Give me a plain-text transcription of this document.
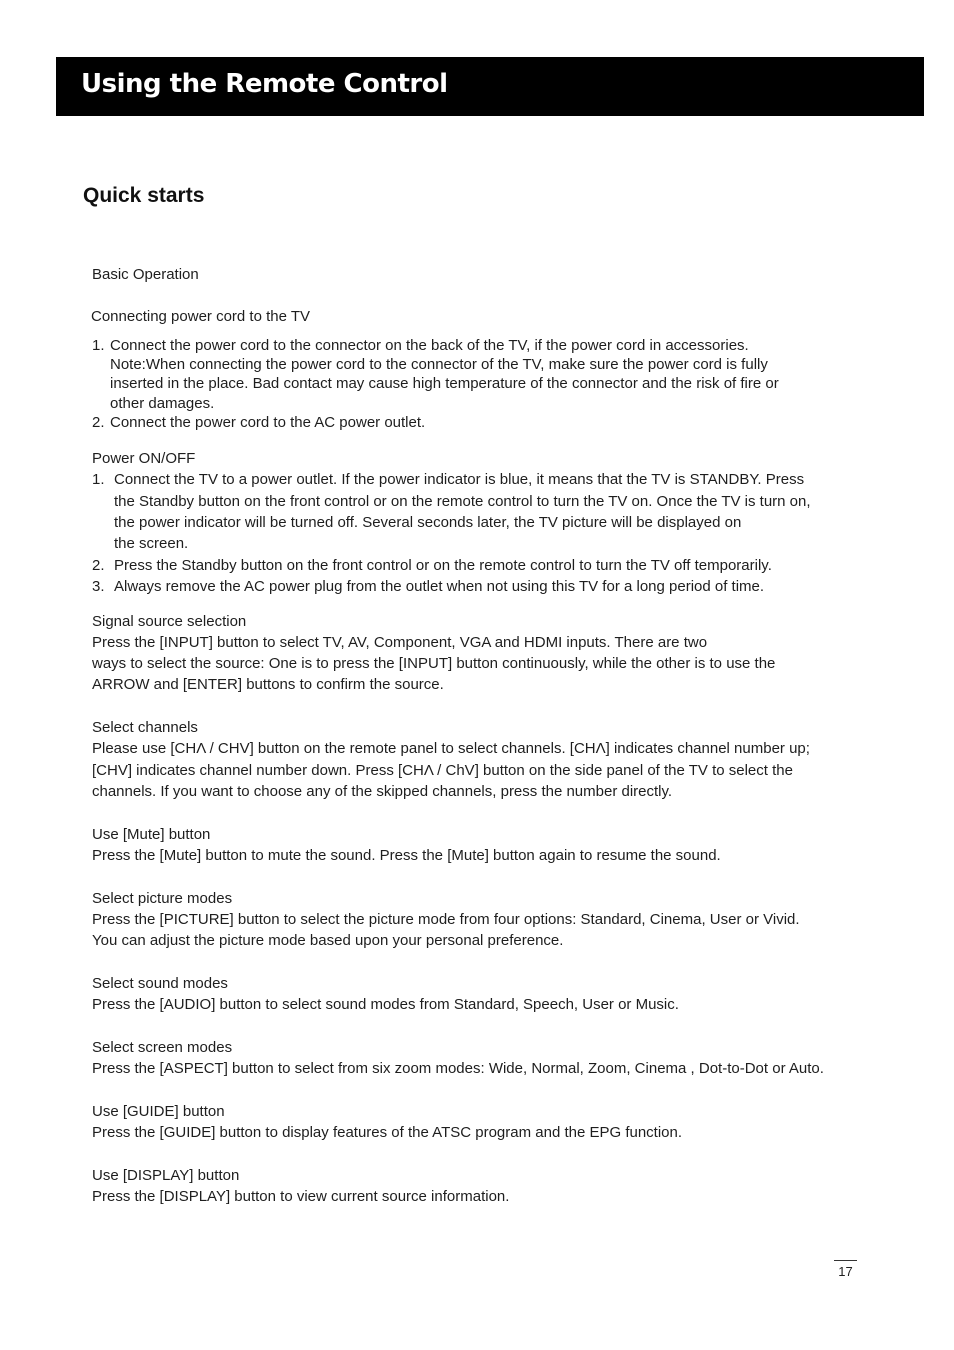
Using the Remote Control
Quick starts

Basic Operation

Connecting power cord to the TV

1. Connect the power cord to the connector on the back of the TV, if the power cord in accessories.

Note:When connecting the power cord to the connector of the TV, make sure the power cord is fully

inserted in the place. Bad contact may cause high temperature of the connector and the risk of fire or

other damages.

2. Connect the power cord to the AC power outlet.

Power ON/OFF

1. Connect the TV to a power outlet. If the power indicator is blue, it means that the TV is STANDBY. Press

the Standby button on the front control or on the remote control to turn the TV on. Once the TV is turn on,

the power indicator will be turned off. Several seconds later, the TV picture will be displayed on

the screen.

2. Press the Standby button on the front control or on the remote control to turn the TV off temporarily.

3. Always remove the AC power plug from the outlet when not using this TV for a long period of time.

Signal source selection

Press the [INPUT] button to select TV, AV, Component, VGA and HDMI inputs. There are two

ways to select the source: One is to press the [INPUT] button continuously, while the other is to use the

ARROW and [ENTER] buttons to confirm the source.

Select channels

Please use [CHΛ / CHV] button on the remote panel to select channels. [CHΛ] indicates channel number up;

[CHV] indicates channel number down. Press [CHΛ / ChV] button on the side panel of the TV to select the

channels. If you want to choose any of the skipped channels, press the number directly.

Use [Mute] button

Press the [Mute] button to mute the sound. Press the [Mute] button again to resume the sound.

Select picture modes

Press the [PICTURE] button to select the picture mode from four options: Standard, Cinema, User or Vivid.

You can adjust the picture mode based upon your personal preference.

Select sound modes

Press the [AUDIO] button to select sound modes from Standard, Speech, User or Music.

Select screen modes

Press the [ASPECT] button to select from six zoom modes: Wide, Normal, Zoom, Cinema , Dot-to-Dot or Auto.

Use [GUIDE] button

Press the [GUIDE] button to display features of the ATSC program and the EPG function.

Use [DISPLAY] button

Press the [DISPLAY] button to view current source information.

17
